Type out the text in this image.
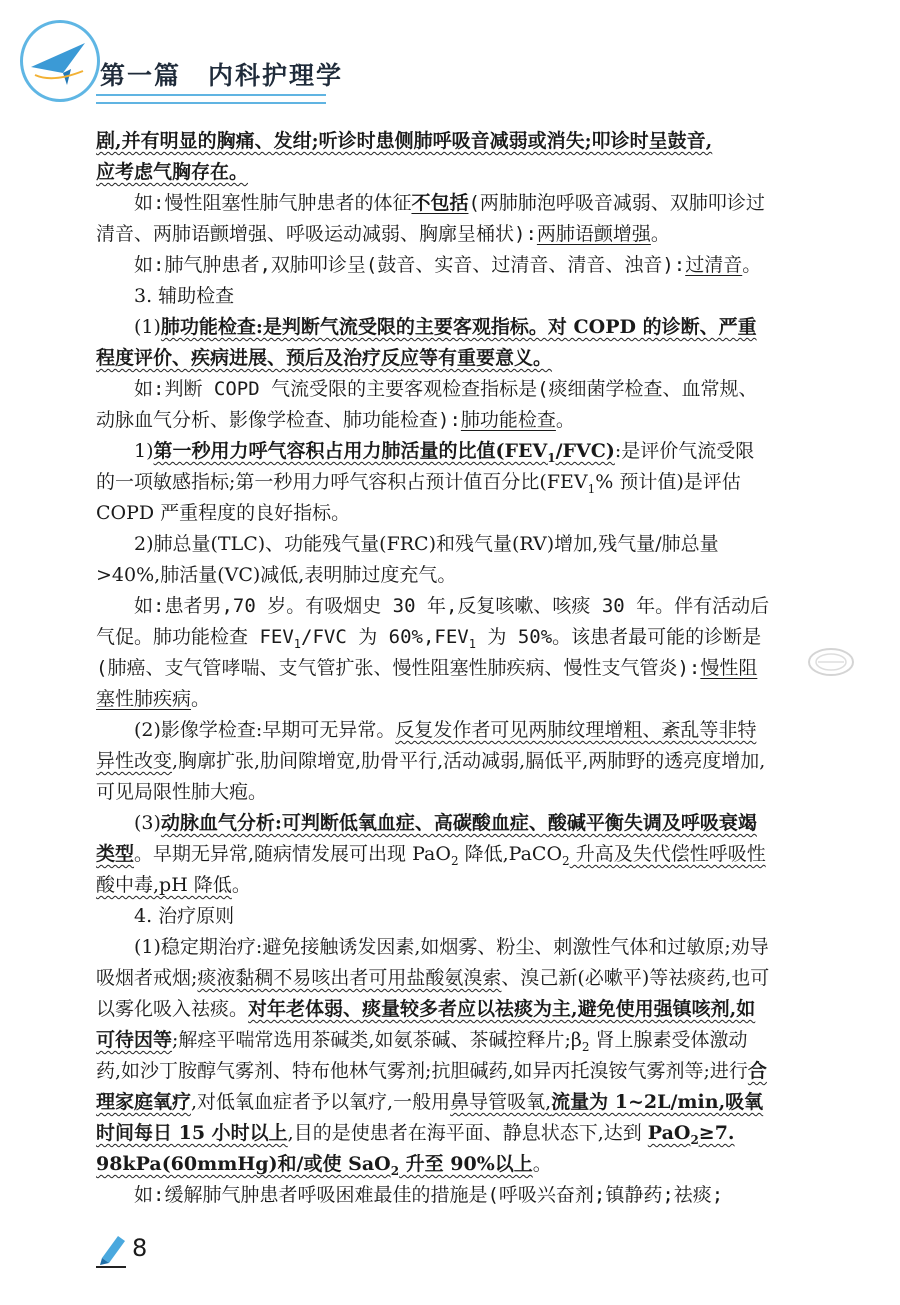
第一篇　内科护理学

剧,并有明显的胸痛、发绀;听诊时患侧肺呼吸音减弱或消失;叩诊时呈鼓音,
应考虑气胸存在。

如:慢性阻塞性肺气肿患者的体征不包括(两肺肺泡呼吸音减弱、双肺叩诊过清音、两肺语颤增强、呼吸运动减弱、胸廓呈桶状):两肺语颤增强。

如:肺气肿患者,双肺叩诊呈(鼓音、实音、过清音、清音、浊音):过清音。

3. 辅助检查

(1)肺功能检查:是判断气流受限的主要客观指标。对 COPD 的诊断、严重程度评价、疾病进展、预后及治疗反应等有重要意义。

如:判断 COPD 气流受限的主要客观检查指标是(痰细菌学检查、血常规、动脉血气分析、影像学检查、肺功能检查):肺功能检查。

1)第一秒用力呼气容积占用力肺活量的比值$(FEV_1/FVC)$:是评价气流受限的一项敏感指标;第一秒用力呼气容积占预计值百分比($FEV_1\%$ 预计值)是评估 COPD 严重程度的良好指标。

2)肺总量(TLC)、功能残气量(FRC)和残气量(RV)增加,残气量/肺总量>40%,肺活量(VC)减低,表明肺过度充气。

如:患者男,70 岁。有吸烟史 30 年,反复咳嗽、咳痰 30 年。伴有活动后气促。肺功能检查 $FEV_1$/FVC 为 $60\%,FEV_1$ 为 50%。该患者最可能的诊断是(肺癌、支气管哮喘、支气管扩张、慢性阻塞性肺疾病、慢性支气管炎):慢性阻塞性肺疾病。

(2)影像学检查:早期可无异常。反复发作者可见两肺纹理增粗、紊乱等非特异性改变,胸廓扩张,肋间隙增宽,肋骨平行,活动减弱,膈低平,两肺野的透亮度增加,可见局限性肺大疱。

(3)动脉血气分析:可判断低氧血症、高碳酸血症、酸碱平衡失调及呼吸衰竭类型。早期无异常,随病情发展可出现 PaO$_2$ 降低,PaCO$_2$ 升高及失代偿性呼吸性酸中毒,pH 降低。

4. 治疗原则

(1)稳定期治疗:避免接触诱发因素,如烟雾、粉尘、刺激性气体和过敏原;劝导吸烟者戒烟;痰液黏稠不易咳出者可用盐酸氨溴索、溴己新(必嗽平)等祛痰药,也可以雾化吸入祛痰。对年老体弱、痰量较多者应以祛痰为主,避免使用强镇咳剂,如可待因等;解痉平喘常选用茶碱类,如氨茶碱、茶碱控释片$;\beta_2$ 肾上腺素受体激动药,如沙丁胺醇气雾剂、特布他林气雾剂;抗胆碱药,如异丙托溴铵气雾剂等;进行合理家庭氧疗,对低氧血症者予以氧疗,一般用鼻导管吸氧,流量为 1~2L/min,吸氧时间每日 15 小时以上,目的是使患者在海平面、静息状态下,达到 PaO$_2$≥7. 98kPa(60mmHg)和/或使 SaO$_2$ 升至 90%以上。

如:缓解肺气肿患者呼吸困难最佳的措施是(呼吸兴奋剂;镇静药;祛痰;

8
